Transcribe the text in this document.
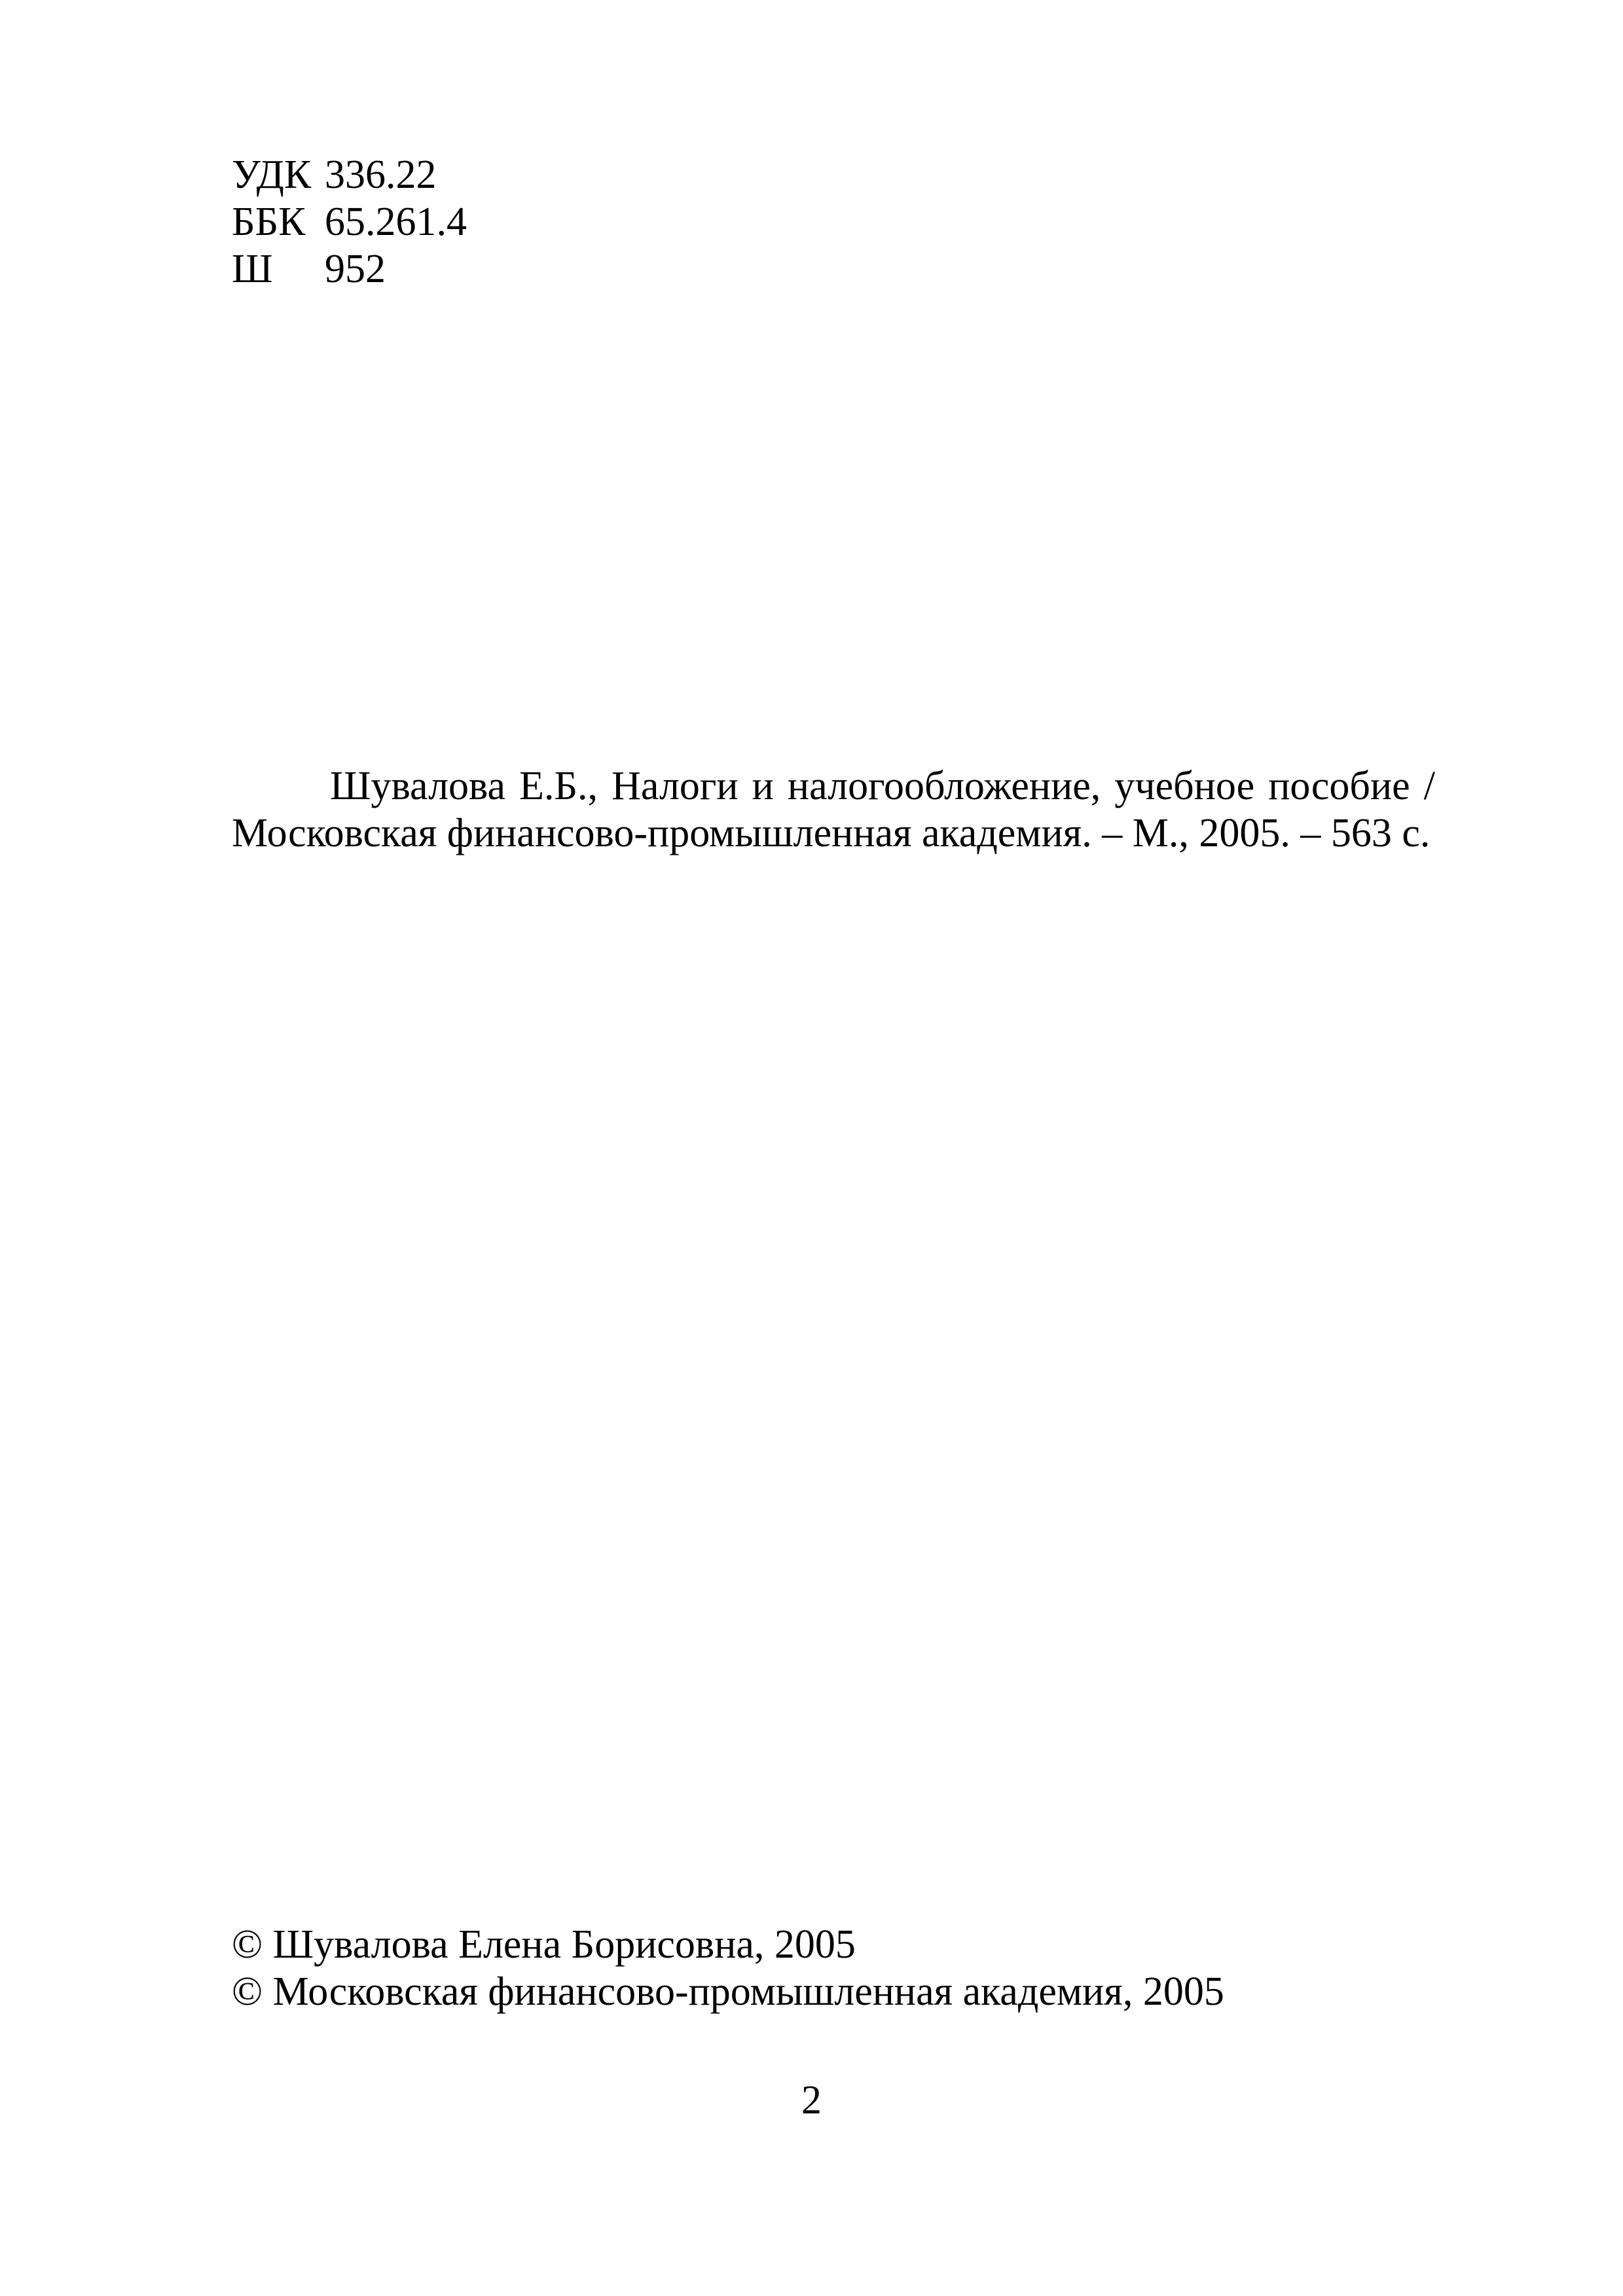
УДК 336.22
ББК 65.261.4
Ш	952

Шувалова Е.Б., Налоги и налогообложение, учебное пособие /

Московская финансово-промышленная академия. – М., 2005. – 563 с.

© Шувалова Елена Борисовна, 2005
© Московская финансово-промышленная академия, 2005
2
